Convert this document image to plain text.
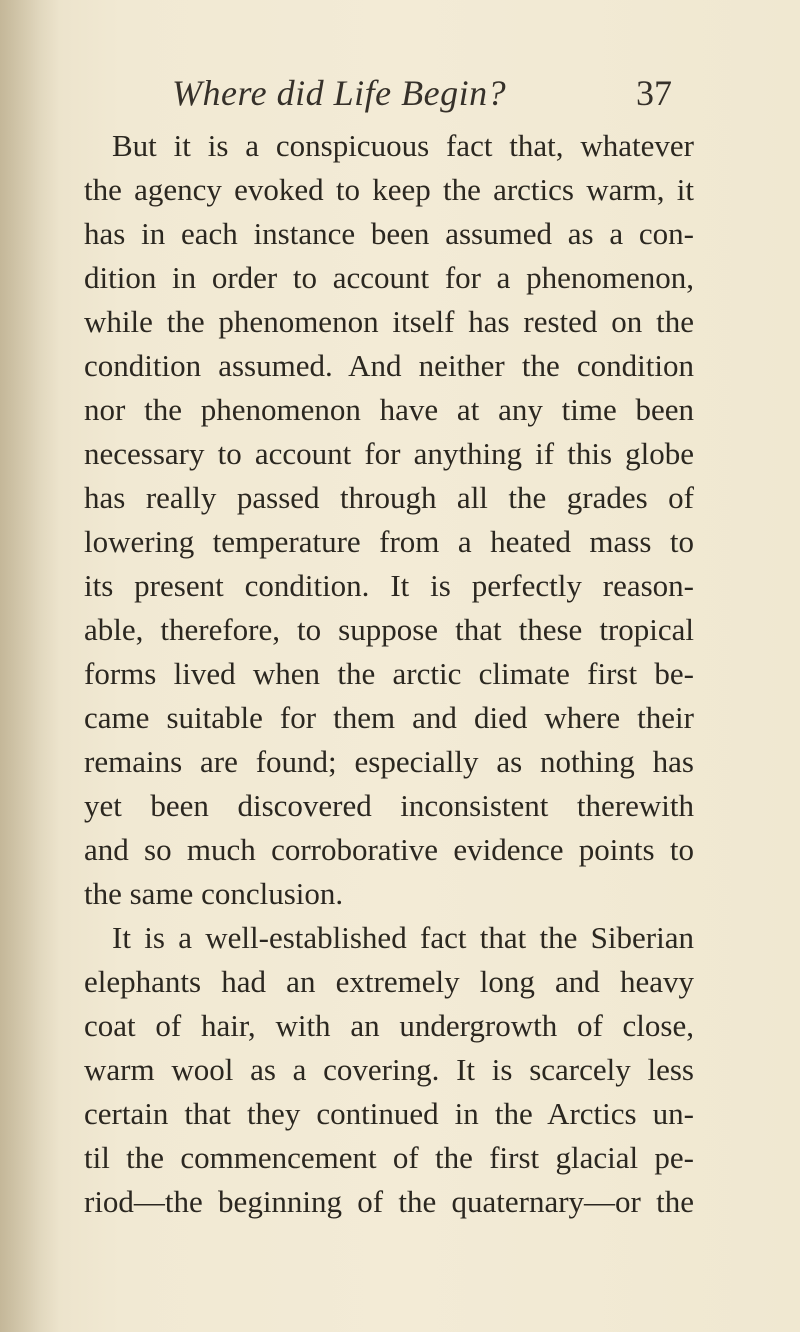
Where did Life Begin?	37
But it is a conspicuous fact that, whatever
the agency evoked to keep the arctics warm, it
has in each instance been assumed as a con-
dition in order to account for a phenomenon,
while the phenomenon itself has rested on the
condition assumed. And neither the condition
nor the phenomenon have at any time been
necessary to account for anything if this globe
has really passed through all the grades of
lowering temperature from a heated mass to
its present condition. It is perfectly reason-
able, therefore, to suppose that these tropical
forms lived when the arctic climate first be-
came suitable for them and died where their
remains are found; especially as nothing has
yet been discovered inconsistent therewith
and so much corroborative evidence points to
the same conclusion.
It is a well-established fact that the Siberian
elephants had an extremely long and heavy
coat of hair, with an undergrowth of close,
warm wool as a covering. It is scarcely less
certain that they continued in the Arctics un-
til the commencement of the first glacial pe-
riod—the beginning of the quaternary—or the
